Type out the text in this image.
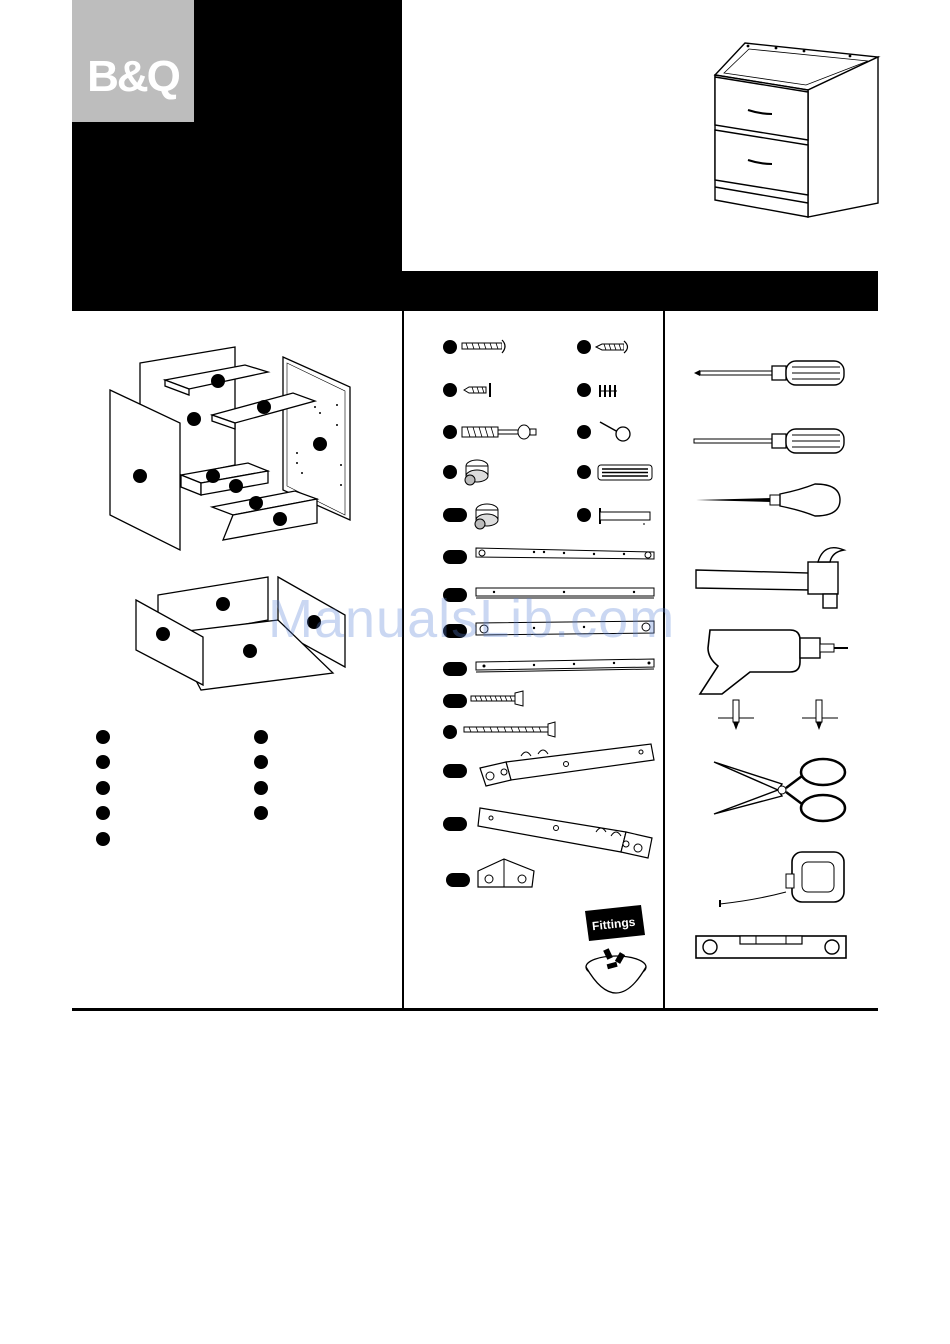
B&Q
Fittings
ManualsLib.com
